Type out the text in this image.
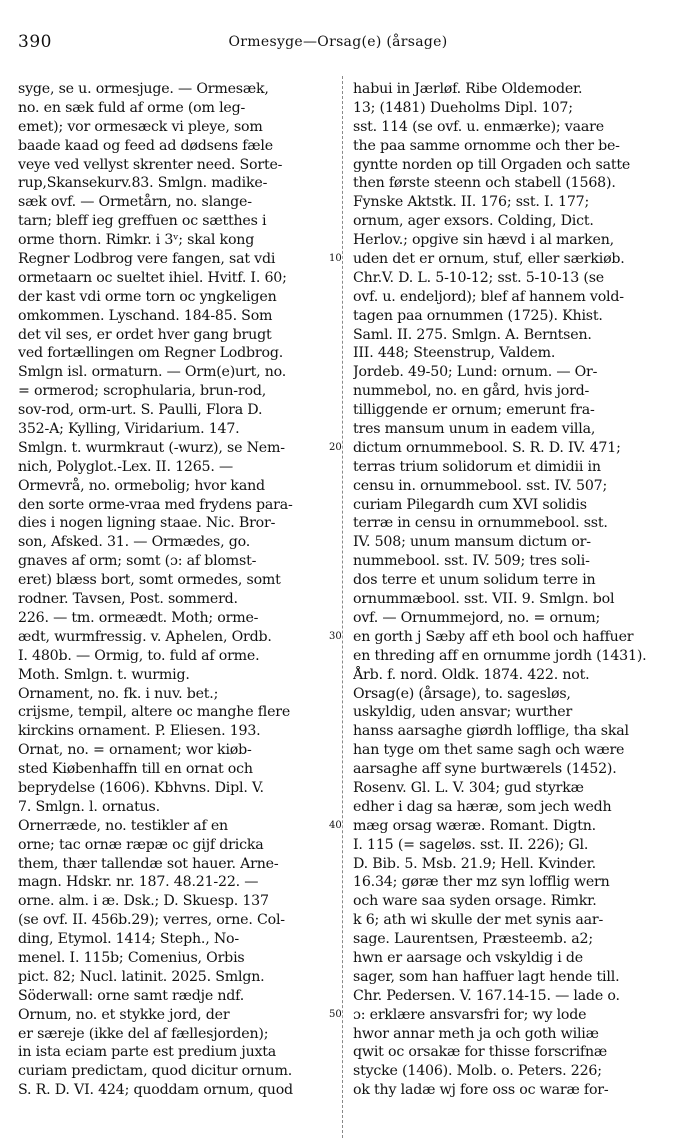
390	Ormesyge—Orsag(e) (årsage)
syge, se u. ormesjuge. — Ormesæk,
no. en sæk fuld af orme (om leg-
emet); vor ormesæck vi pleye, som
baade kaad og feed ad dødsens fæle
veye ved vellyst skrenter need. Sorte-
rup,Skansekurv.83. Smlgn. madike-
sæk ovf. — Ormetårn, no. slange-
tarn; bleff ieg greffuen oc sætthes i
orme thorn. Rimkr. i 3ᵛ; skal kong
Regner Lodbrog vere fangen, sat vdi
ormetaarn oc sueltet ihiel. Hvitf. I. 60;
der kast vdi orme torn oc yngkeligen
omkommen. Lyschand. 184-85. Som
det vil ses, er ordet hver gang brugt
ved fortællingen om Regner Lodbrog.
Smlgn isl. ormaturn. — Orm(e)urt, no.
= ormerod; scrophularia, brun-rod,
sov-rod, orm-urt. S. Paulli, Flora D.
352-A; Kylling, Viridarium. 147.
Smlgn. t. wurmkraut (-wurz), se Nem-
nich, Polyglot.-Lex. II. 1265. —
Ormevrå, no. ormebolig; hvor kand
den sorte orme-vraa med frydens para-
dies i nogen ligning staae. Nic. Bror-
son, Afsked. 31. — Ormædes, go.
gnaves af orm; somt (ɔ: af blomst-
eret) blæss bort, somt ormedes, somt
rodner. Tavsen, Post. sommerd.
226. — tm. ormeædt. Moth; orme-
ædt, wurmfressig. v. Aphelen, Ordb.
I. 480b. — Ormig, to. fuld af orme.
Moth. Smlgn. t. wurmig.
Ornament, no. fk. i nuv. bet.;
crijsme, tempil, altere oc manghe flere
kirckins ornament. P. Eliesen. 193.
Ornat, no. = ornament; wor kiøb-
sted Kiøbenhaffn till en ornat och
beprydelse (1606). Kbhvns. Dipl. V.
7. Smlgn. l. ornatus.
Ornerræde, no. testikler af en
orne; tac ornæ ræpæ oc gijf dricka
them, thær tallendæ sot hauer. Arne-
magn. Hdskr. nr. 187. 48.21-22. —
orne. alm. i æ. Dsk.; D. Skuesp. 137
(se ovf. II. 456b.29); verres, orne. Col-
ding, Etymol. 1414; Steph., No-
menel. I. 115b; Comenius, Orbis
pict. 82; Nucl. latinit. 2025. Smlgn.
Söderwall: orne samt rædje ndf.
Ornum, no. et stykke jord, der
er særeje (ikke del af fællesjorden);
in ista eciam parte est predium juxta
curiam predictam, quod dicitur ornum.
S. R. D. VI. 424; quoddam ornum, quod
10
20
30
40
50
habui in Jærløf. Ribe Oldemoder.
13; (1481) Dueholms Dipl. 107;
sst. 114 (se ovf. u. enmærke); vaare
the paa samme ornomme och ther be-
gyntte norden op till Orgaden och satte
then første steenn och stabell (1568).
Fynske Aktstk. II. 176; sst. I. 177;
ornum, ager exsors. Colding, Dict.
Herlov.; opgive sin hævd i al marken,
uden det er ornum, stuf, eller særkiøb.
Chr.V. D. L. 5-10-12; sst. 5-10-13 (se
ovf. u. endeljord); blef af hannem vold-
tagen paa ornummen (1725). Khist.
Saml. II. 275. Smlgn. A. Berntsen.
III. 448; Steenstrup, Valdem.
Jordeb. 49-50; Lund: ornum. — Or-
nummebol, no. en gård, hvis jord-
tilliggende er ornum; emerunt fra-
tres mansum unum in eadem villa,
dictum ornummebool. S. R. D. IV. 471;
terras trium solidorum et dimidii in
censu in. ornummebool. sst. IV. 507;
curiam Pilegardh cum XVI solidis
terræ in censu in ornummebool. sst.
IV. 508; unum mansum dictum or-
nummebool. sst. IV. 509; tres soli-
dos terre et unum solidum terre in
ornummæbool. sst. VII. 9. Smlgn. bol
ovf. — Ornummejord, no. = ornum;
en gorth j Sæby aff eth bool och haffuer
en threding aff en ornumme jordh (1431).
Årb. f. nord. Oldk. 1874. 422. not.
Orsag(e) (årsage), to. sagesløs,
uskyldig, uden ansvar; wurther
hanss aarsaghe giørdh lofflige, tha skal
han tyge om thet same sagh och wære
aarsaghe aff syne burtwærels (1452).
Rosenv. Gl. L. V. 304; gud styrkæ
edher i dag sa hæræ, som jech wedh
mæg orsag wæræ. Romant. Digtn.
I. 115 (= sageløs. sst. II. 226); Gl.
D. Bib. 5. Msb. 21.9; Hell. Kvinder.
16.34; gøræ ther mz syn lofflig wern
och ware saa syden orsage. Rimkr.
k 6; ath wi skulle der met synis aar-
sage. Laurentsen, Præsteemb. a2;
hwn er aarsage och vskyldig i de
sager, som han haffuer lagt hende till.
Chr. Pedersen. V. 167.14-15. — lade o.
ɔ: erklære ansvarsfri for; wy lode
hwor annar meth ja och goth wiliæ
qwit oc orsakæ for thisse forscrifnæ
stycke (1406). Molb. o. Peters. 226;
ok thy ladæ wj fore oss oc waræ for-
